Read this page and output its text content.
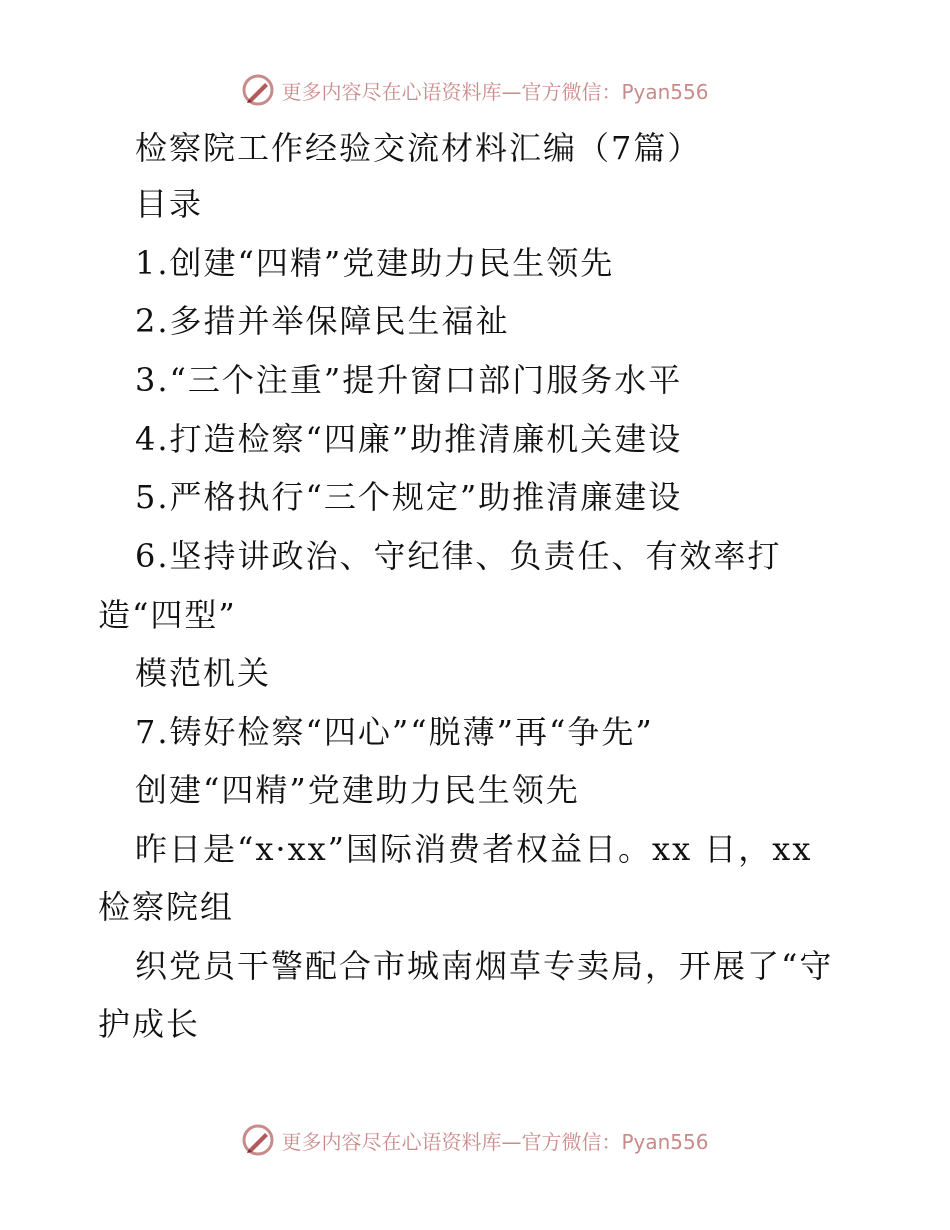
更多内容尽在心语资料库—官方微信：Pyan556
检察院工作经验交流材料汇编（7篇）
目录
1.创建“四精”党建助力民生领先
2.多措并举保障民生福祉
3.“三个注重”提升窗口部门服务水平
4.打造检察“四廉”助推清廉机关建设
5.严格执行“三个规定”助推清廉建设
6.坚持讲政治、守纪律、负责任、有效率打
造“四型”
模范机关
7.铸好检察“四心”“脱薄”再“争先”
创建“四精”党建助力民生领先
昨日是“x·xx”国际消费者权益日。xx 日，xx
检察院组
织党员干警配合市城南烟草专卖局，开展了“守
护成长
更多内容尽在心语资料库—官方微信：Pyan556
